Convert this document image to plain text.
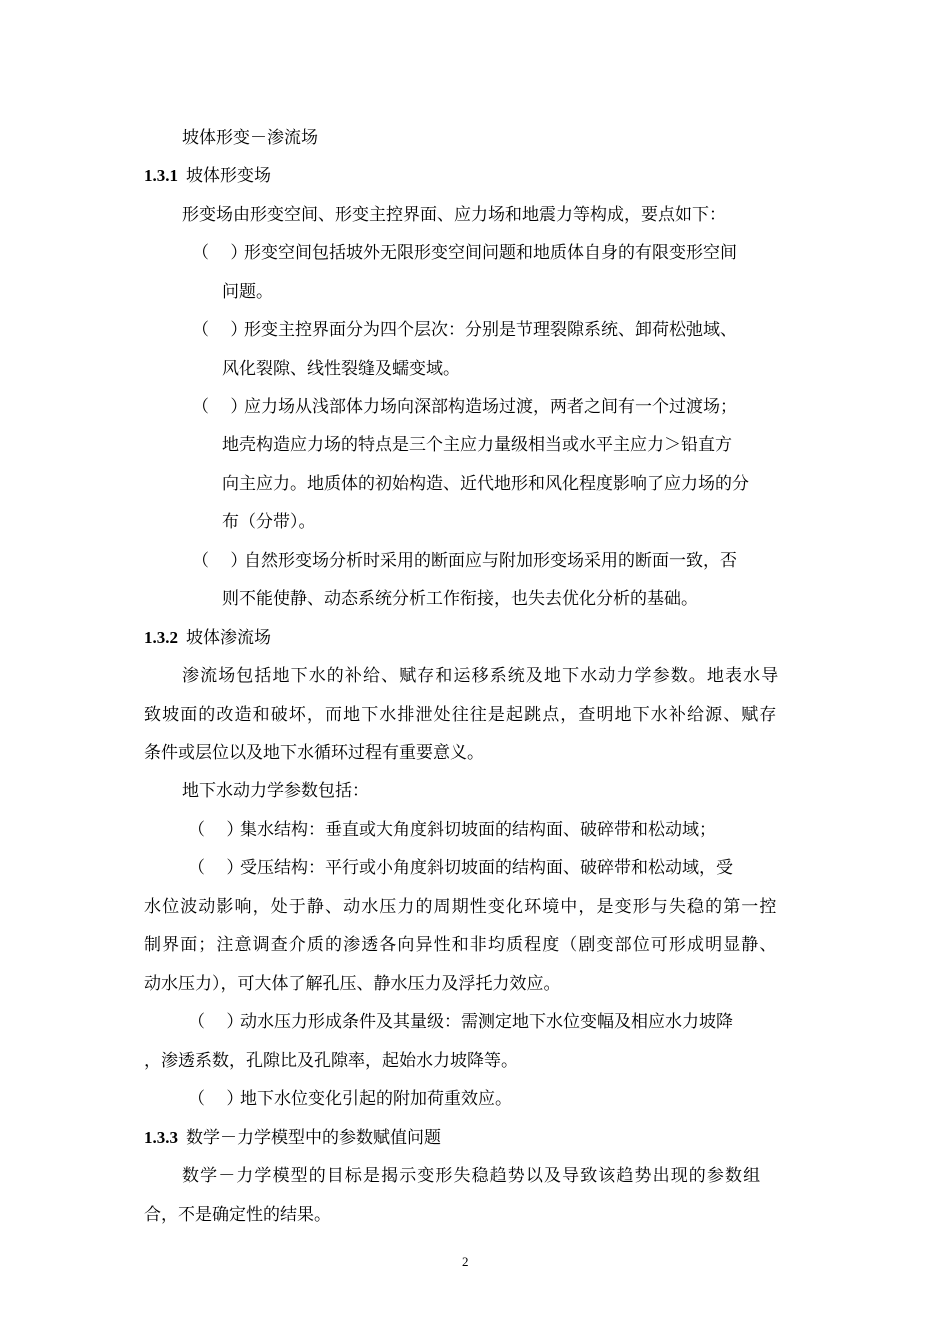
坡体形变－渗流场
1.3.1 坡体形变场
形变场由形变空间、形变主控界面、应力场和地震力等构成，要点如下：
（ ）形变空间包括坡外无限形变空间问题和地质体自身的有限变形空间
问题。
（ ）形变主控界面分为四个层次：分别是节理裂隙系统、卸荷松弛域、
风化裂隙、线性裂缝及蠕变域。
（ ）应力场从浅部体力场向深部构造场过渡，两者之间有一个过渡场；
地壳构造应力场的特点是三个主应力量级相当或水平主应力＞铅直方
向主应力。地质体的初始构造、近代地形和风化程度影响了应力场的分
布（分带）。
（ ）自然形变场分析时采用的断面应与附加形变场采用的断面一致，否
则不能使静、动态系统分析工作衔接，也失去优化分析的基础。
1.3.2 坡体渗流场
渗流场包括地下水的补给、赋存和运移系统及地下水动力学参数。地表水导
致坡面的改造和破坏，而地下水排泄处往往是起跳点，查明地下水补给源、赋存
条件或层位以及地下水循环过程有重要意义。
地下水动力学参数包括：
（ ）集水结构：垂直或大角度斜切坡面的结构面、破碎带和松动域；
（ ）受压结构：平行或小角度斜切坡面的结构面、破碎带和松动域，受
水位波动影响，处于静、动水压力的周期性变化环境中，是变形与失稳的第一控
制界面；注意调查介质的渗透各向异性和非均质程度（剧变部位可形成明显静、
动水压力），可大体了解孔压、静水压力及浮托力效应。
（ ）动水压力形成条件及其量级：需测定地下水位变幅及相应水力坡降
，渗透系数，孔隙比及孔隙率，起始水力坡降等。
（ ）地下水位变化引起的附加荷重效应。
1.3.3 数学－力学模型中的参数赋值问题
数学－力学模型的目标是揭示变形失稳趋势以及导致该趋势出现的参数组
合，不是确定性的结果。
2
